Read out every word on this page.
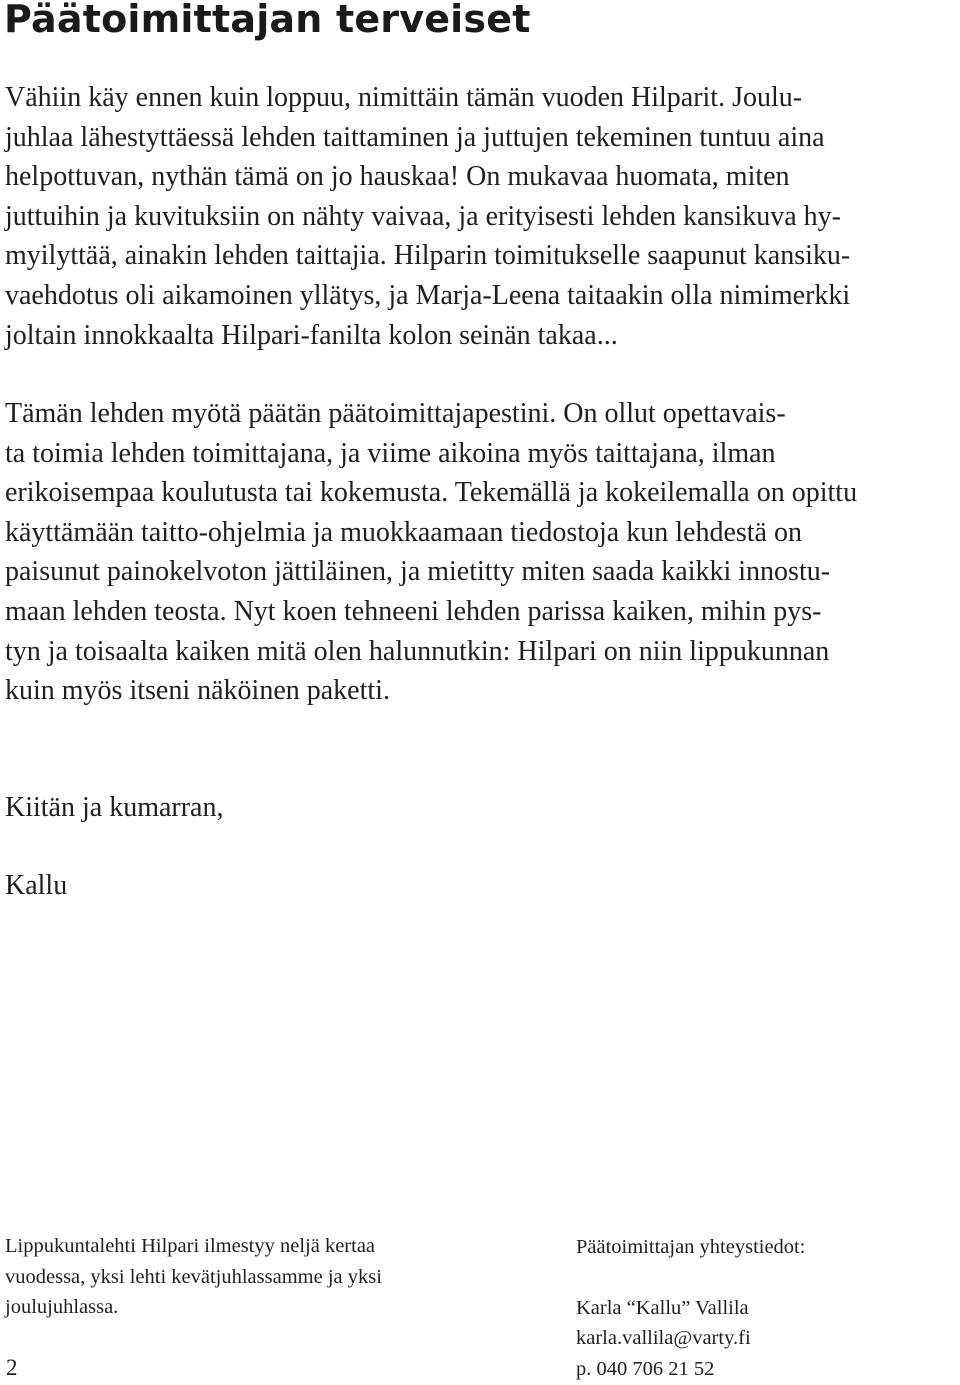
Päätoimittajan terveiset
Vähiin käy ennen kuin loppuu, nimittäin tämän vuoden Hilparit. Joulu-
juhlaa lähestyttäessä lehden taittaminen ja juttujen tekeminen tuntuu aina
helpottuvan, nythän tämä on jo hauskaa! On mukavaa huomata, miten
juttuihin ja kuvituksiin on nähty vaivaa, ja erityisesti lehden kansikuva hy-
myilyttää, ainakin lehden taittajia. Hilparin toimitukselle saapunut kansiku-
vaehdotus oli aikamoinen yllätys, ja Marja-Leena taitaakin olla nimimerkki
joltain innokkaalta Hilpari-fanilta kolon seinän takaa...
Tämän lehden myötä päätän päätoimittajapestini. On ollut opettavais-
ta toimia lehden toimittajana, ja viime aikoina myös taittajana, ilman
erikoisempaa koulutusta tai kokemusta. Tekemällä ja kokeilemalla on opittu
käyttämään taitto-ohjelmia ja muokkaamaan tiedostoja kun lehdestä on
paisunut painokelvoton jättiläinen, ja mietitty miten saada kaikki innostu-
maan lehden teosta. Nyt koen tehneeni lehden parissa kaiken, mihin pys-
tyn ja toisaalta kaiken mitä olen halunnutkin: Hilpari on niin lippukunnan
kuin myös itseni näköinen paketti.
Kiitän ja kumarran,
Kallu
Lippukuntalehti Hilpari ilmestyy neljä kertaa
vuodessa, yksi lehti kevätjuhlassamme ja yksi
joulujuhlassa.
2
Päätoimittajan yhteystiedot:
Karla “Kallu” Vallila
karla.vallila@varty.fi
p. 040 706 21 52
